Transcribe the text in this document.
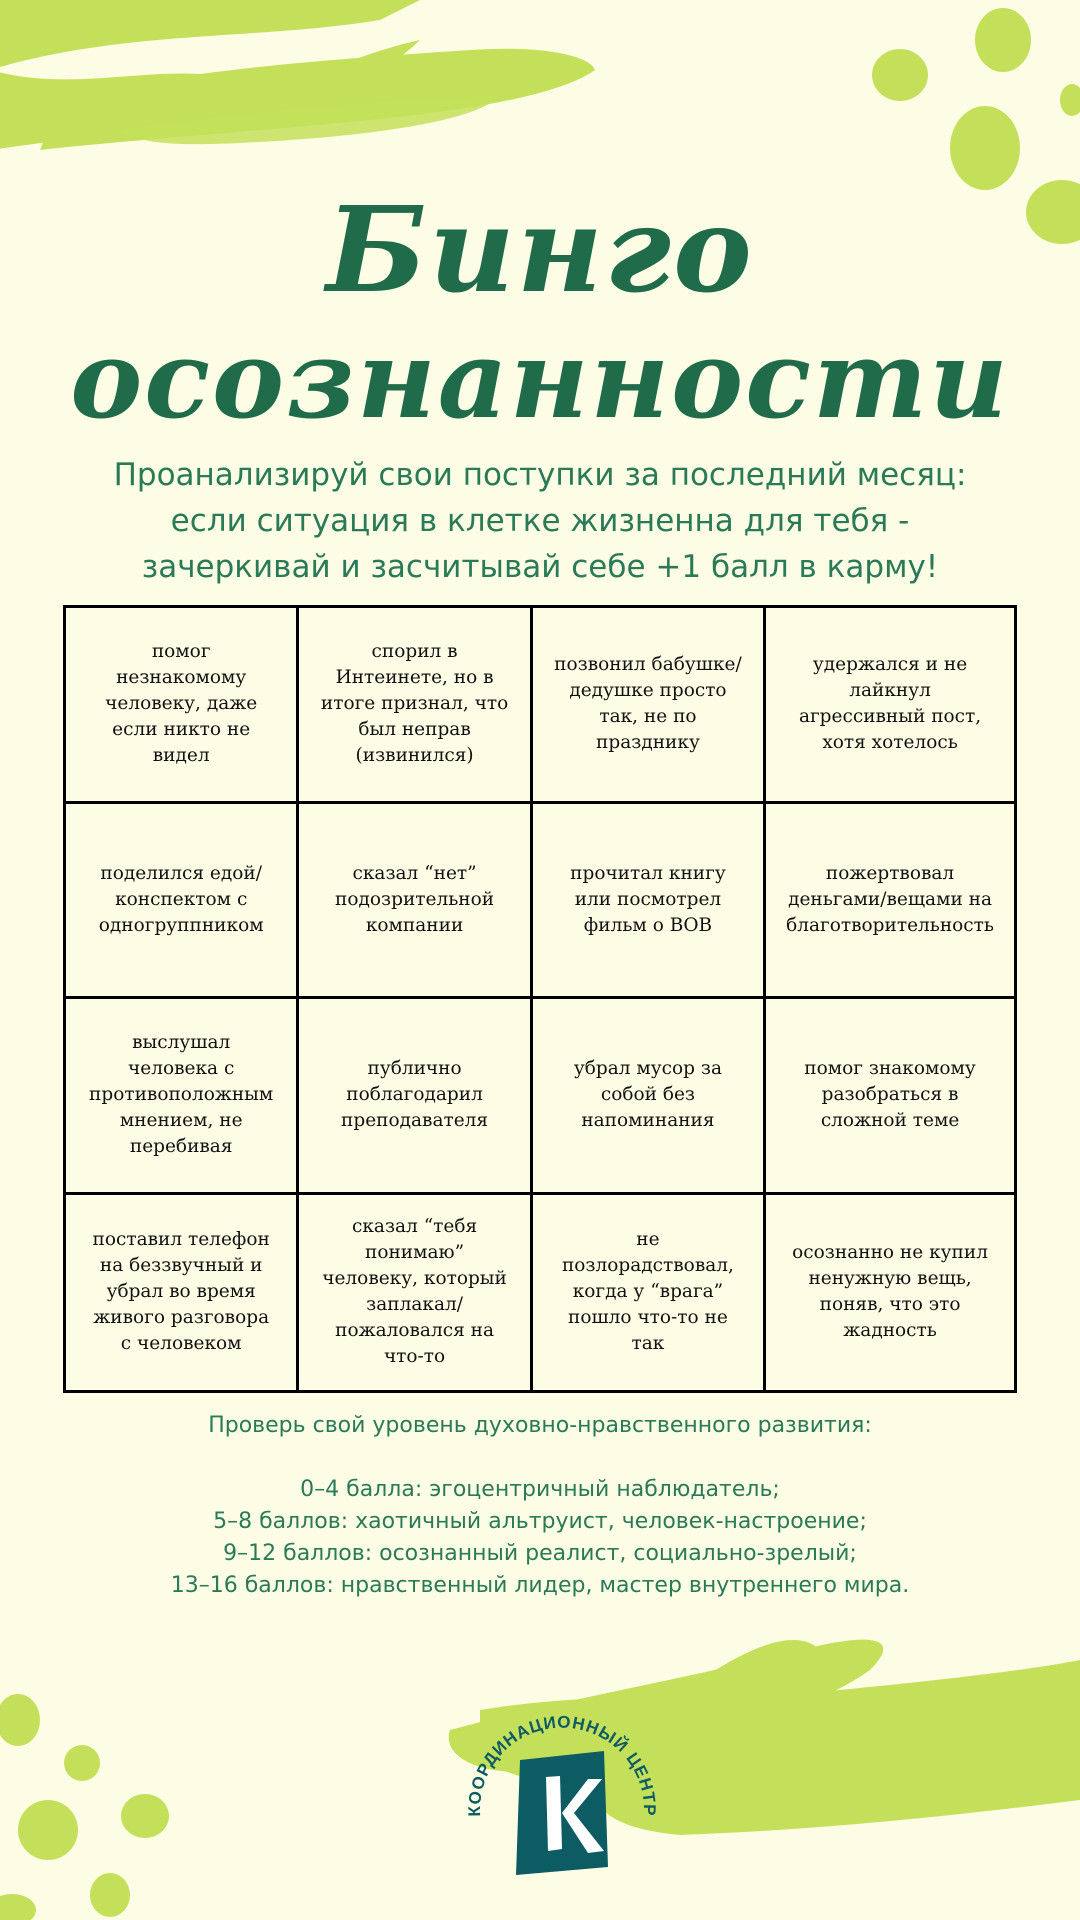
Бинго
осознанности
Проанализируй свои поступки за последний месяц:
если ситуация в клетке жизненна для тебя -
зачеркивай и засчитывай себе +1 балл в карму!
помог незнакомому человеку, даже если никто не видел
спорил в Интеинете, но в итоге признал, что был неправ (извинился)
позвонил бабушке/ дедушке просто так, не по празднику
удержался и не лайкнул агрессивный пост, хотя хотелось
поделился едой/ конспектом с одногруппником
сказал “нет” подозрительной компании
прочитал книгу или посмотрел фильм о ВОВ
пожертвовал деньгами/вещами на благотворительность
выслушал человека с противоположным мнением, не перебивая
публично поблагодарил преподавателя
убрал мусор за собой без напоминания
помог знакомому разобраться в сложной теме
поставил телефон на беззвучный и убрал во время живого разговора с человеком
сказал “тебя понимаю” человеку, который заплакал/ пожаловался на что-то
не позлорадствовал, когда у “врага” пошло что-то не так
осознанно не купил ненужную вещь, поняв, что это жадность
Проверь свой уровень духовно-нравственного развития:
0–4 балла: эгоцентричный наблюдатель;
5–8 баллов: хаотичный альтруист, человек-настроение;
9–12 баллов: осознанный реалист, социально-зрелый;
13–16 баллов: нравственный лидер, мастер внутреннего мира.
КООРДИНАЦИОННЫЙ ЦЕНТР
К
